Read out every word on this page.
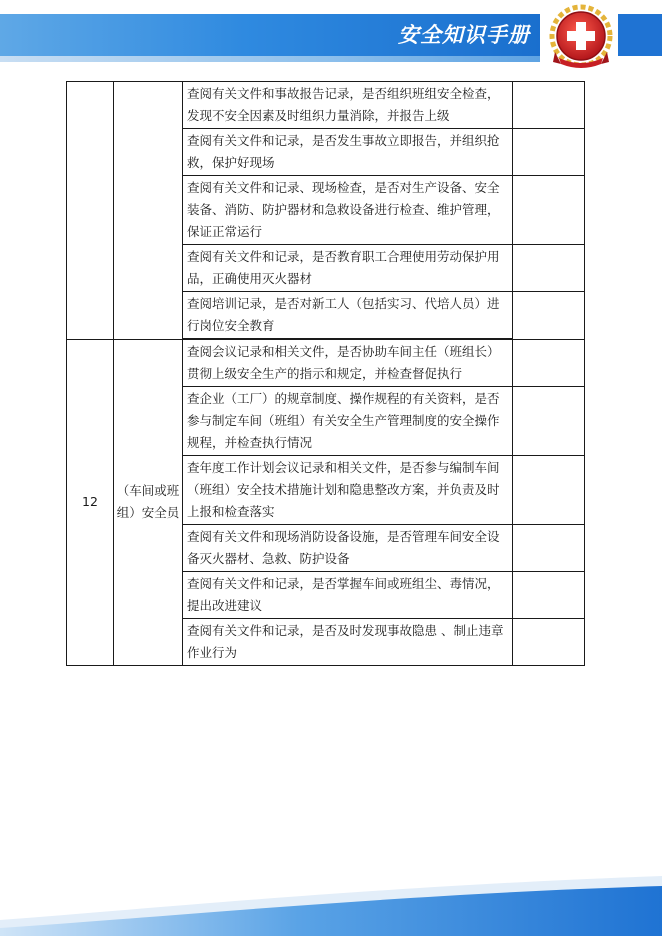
安全知识手册
		查阅有关文件和事故报告记录，是否组织班组安全检查，发现不安全因素及时组织力量消除，并报告上级	
		查阅有关文件和记录，是否发生事故立即报告，并组织抢救，保护好现场	
		查阅有关文件和记录、现场检查，是否对生产设备、安全装备、消防、防护器材和急救设备进行检查、维护管理，保证正常运行	
		查阅有关文件和记录，是否教育职工合理使用劳动保护用品，正确使用灭火器材	
		查阅培训记录，是否对新工人（包括实习、代培人员）进行岗位安全教育	
12	（车间或班组）安全员	查阅会议记录和相关文件，是否协助车间主任（班组长）贯彻上级安全生产的指示和规定，并检查督促执行	
		查企业（工厂）的规章制度、操作规程的有关资料，是否参与制定车间（班组）有关安全生产管理制度的安全操作规程，并检查执行情况	
		查年度工作计划会议记录和相关文件，是否参与编制车间（班组）安全技术措施计划和隐患整改方案，并负责及时上报和检查落实	
		查阅有关文件和现场消防设备设施，是否管理车间安全设备灭火器材、急救、防护设备	
		查阅有关文件和记录，是否掌握车间或班组尘、毒情况，提出改进建议	
		查阅有关文件和记录，是否及时发现事故隐患 、制止违章作业行为	
